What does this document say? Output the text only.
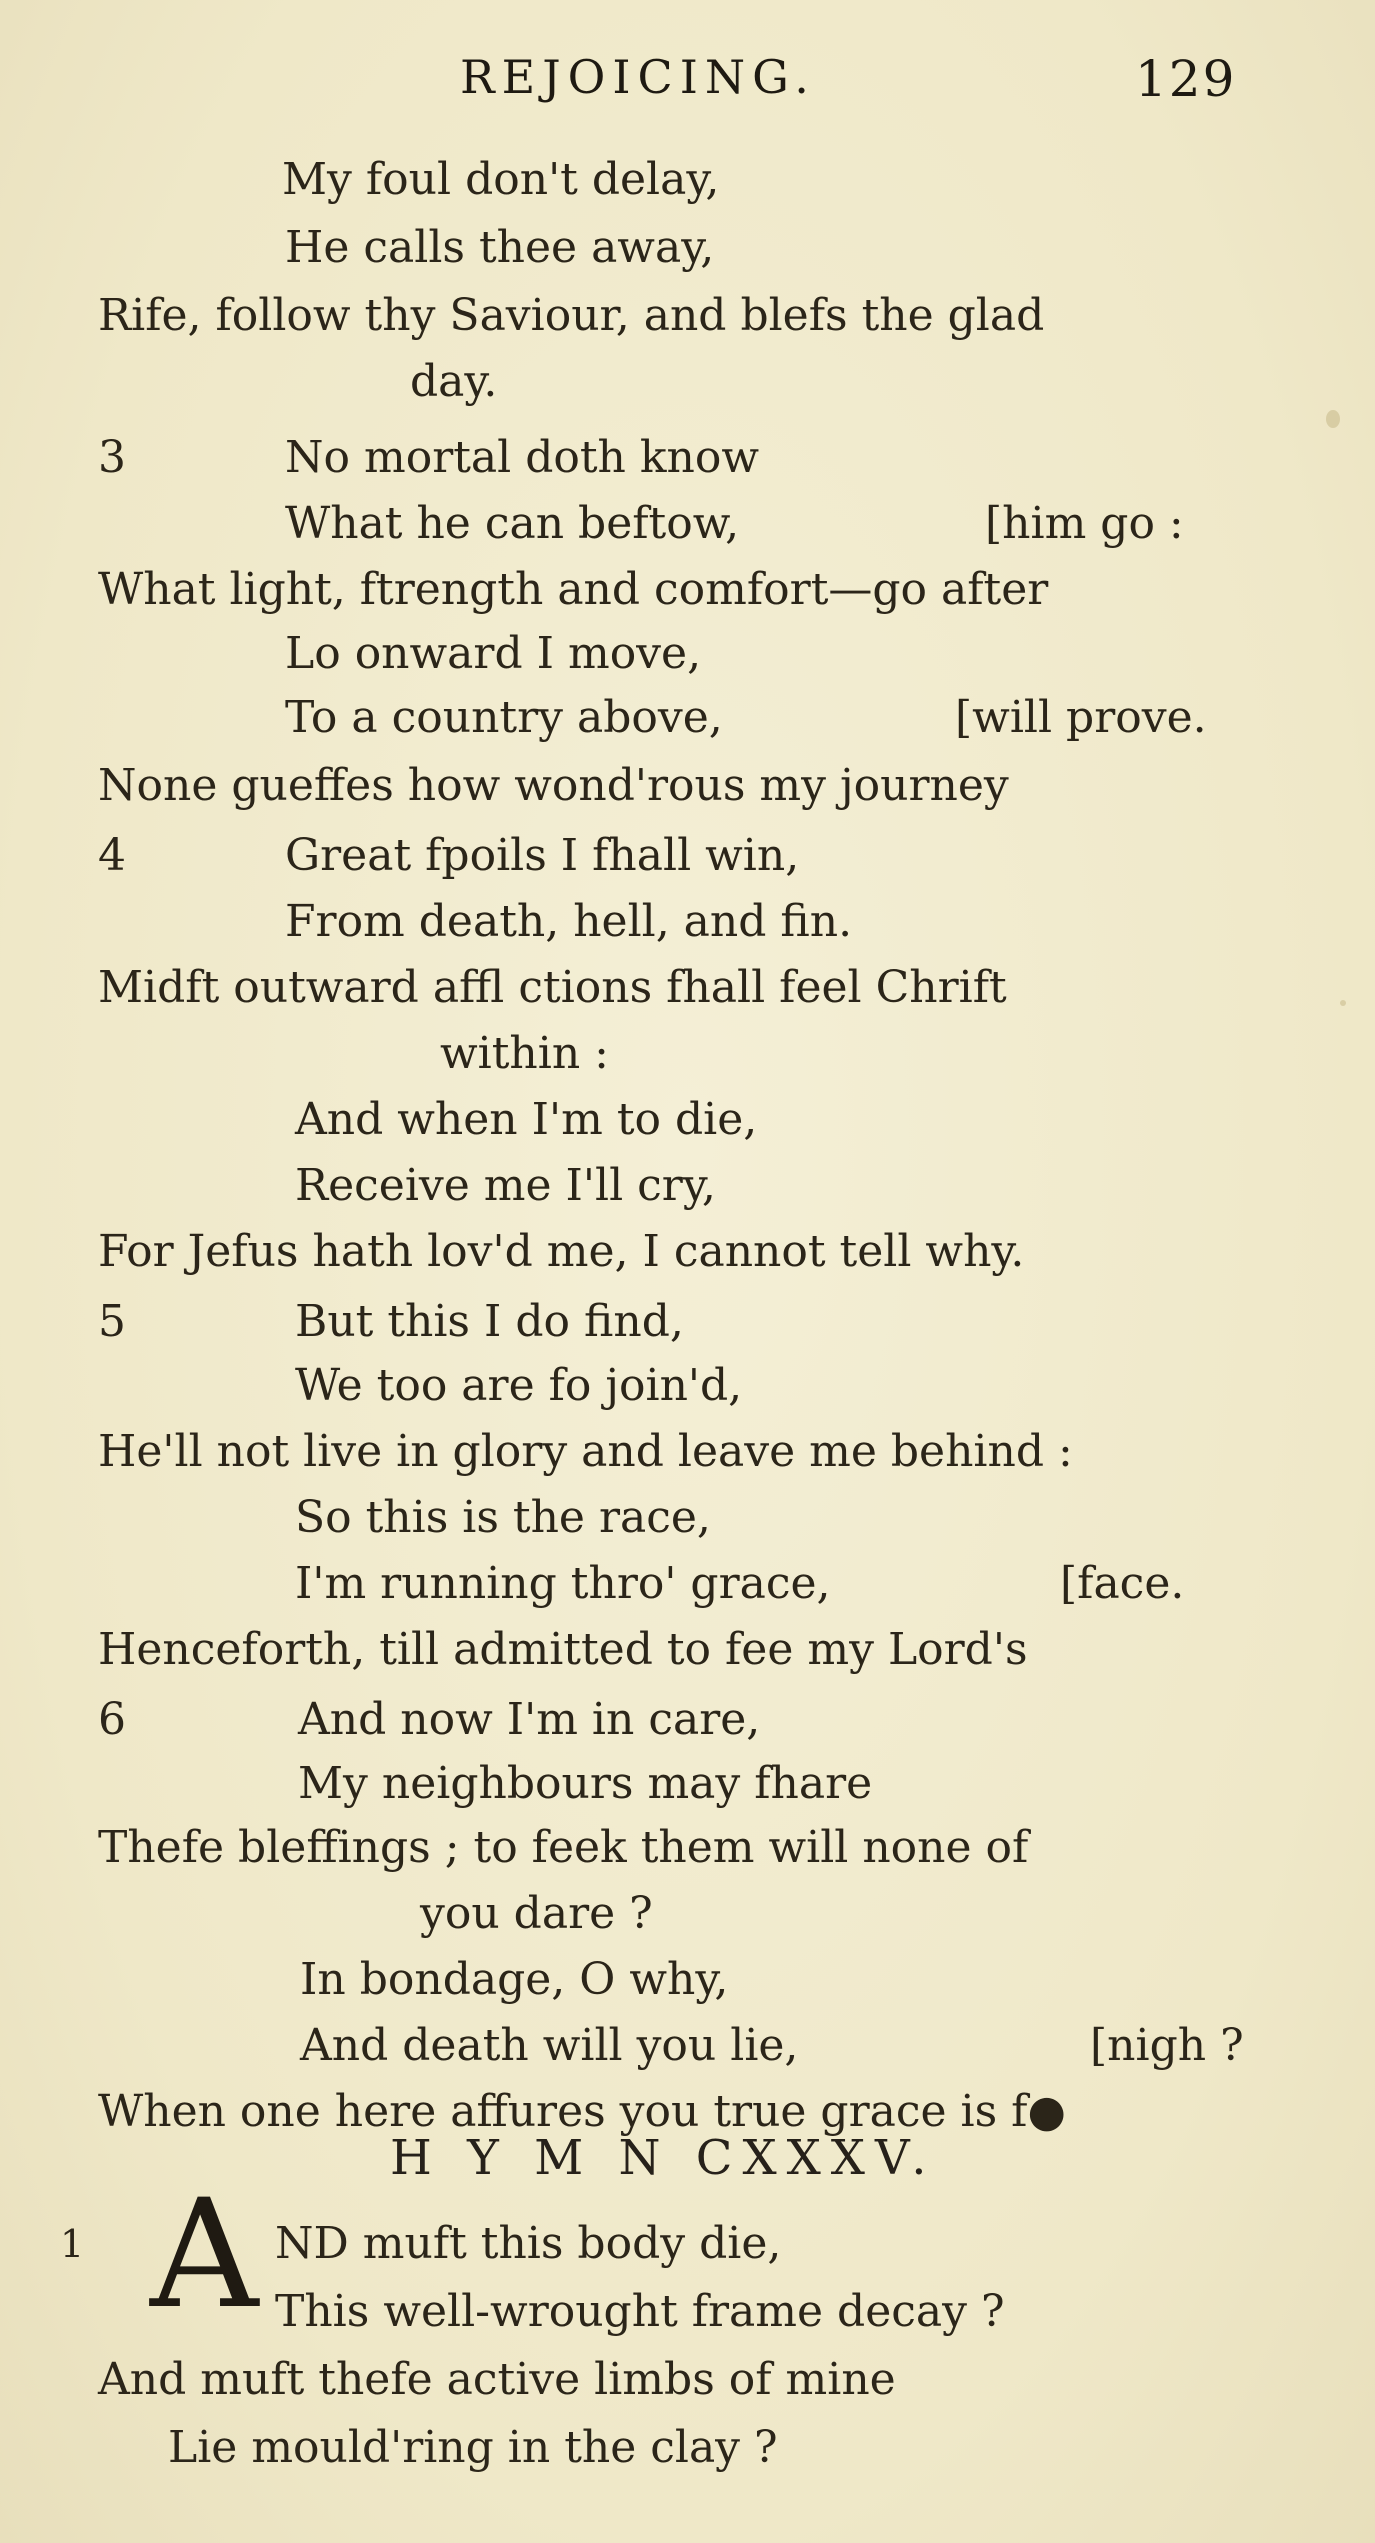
REJOICING.	129
My foul don't delay,
He calls thee away,
Rife, follow thy Saviour, and blefs the glad
day.
3	No mortal doth know
What he can beftow,	[him go :
What light, ftrength and comfort—go after
Lo onward I move,
To a country above,	[will prove.
None gueffes how wond'rous my journey
4	Great fpoils I fhall win,
From death, hell, and fin.
Midft outward affl ctions fhall feel Chrift
within :
And when I'm to die,
Receive me I'll cry,
For Jefus hath lov'd me, I cannot tell why.
5	But this I do find,
We too are fo join'd,
He'll not live in glory and leave me behind :
So this is the race,
I'm running thro' grace,	[face.
Henceforth, till admitted to fee my Lord's
6	And now I'm in care,
My neighbours may fhare
Thefe bleffings ; to feek them will none of
you dare ?
In bondage, O why,
And death will you lie,	[nigh ?
When one here affures you true grace is f●
H Y M N CXXXV.
1 A ND muft this body die,
This well-wrought frame decay ?
And muft thefe active limbs of mine
Lie mould'ring in the clay ?
